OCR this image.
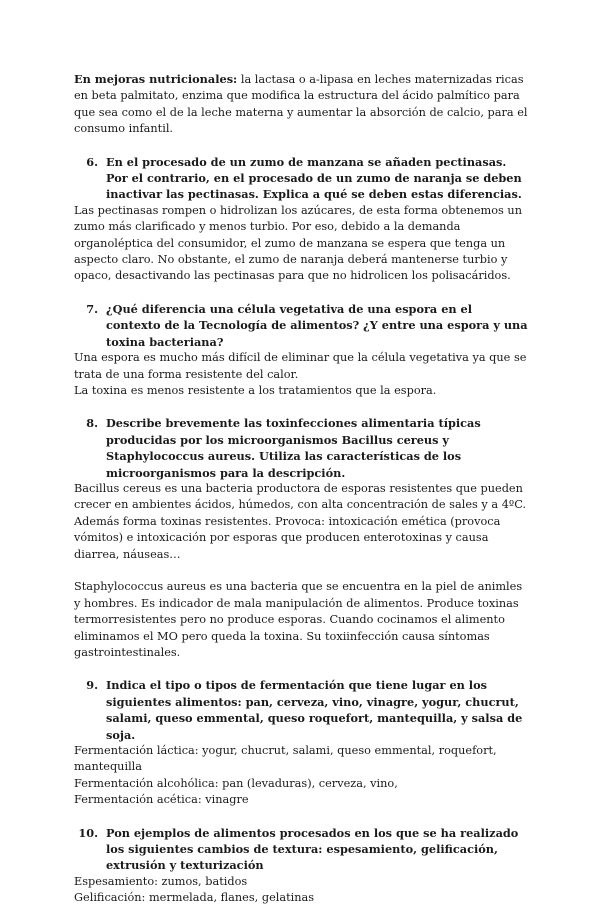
En mejoras nutricionales: la lactasa o a-lipasa en leches maternizadas ricas en beta palmitato, enzima que modifica la estructura del ácido palmítico para que sea como el de la leche materna y aumentar la absorción de calcio, para el consumo infantil.

6. En el procesado de un zumo de manzana se añaden pectinasas. Por el contrario, en el procesado de un zumo de naranja se deben inactivar las pectinasas. Explica a qué se deben estas diferencias.

Las pectinasas rompen o hidrolizan los azúcares, de esta forma obtenemos un zumo más clarificado y menos turbio. Por eso, debido a la demanda organoléptica del consumidor, el zumo de manzana se espera que tenga un aspecto claro. No obstante, el zumo de naranja deberá mantenerse turbio y opaco, desactivando las pectinasas para que no hidrolicen los polisacáridos.

7. ¿Qué diferencia una célula vegetativa de una espora en el contexto de la Tecnología de alimentos? ¿Y entre una espora y una toxina bacteriana?

Una espora es mucho más difícil de eliminar que la célula vegetativa ya que se trata de una forma resistente del calor.

La toxina es menos resistente a los tratamientos que la espora.

8. Describe brevemente las toxinfecciones alimentaria típicas producidas por los microorganismos Bacillus cereus y Staphylococcus aureus. Utiliza las características de los microorganismos para la descripción.

Bacillus cereus es una bacteria productora de esporas resistentes que pueden crecer en ambientes ácidos, húmedos, con alta concentración de sales y a 4ºC. Además forma toxinas resistentes. Provoca: intoxicación emética (provoca vómitos) e intoxicación por esporas que producen enterotoxinas y causa diarrea, náuseas…

Staphylococcus aureus es una bacteria que se encuentra en la piel de animles y hombres. Es indicador de mala manipulación de alimentos. Produce toxinas termorresistentes pero no produce esporas. Cuando cocinamos el alimento eliminamos el MO pero queda la toxina. Su toxiinfección causa síntomas gastrointestinales.

9. Indica el tipo o tipos de fermentación que tiene lugar en los siguientes alimentos: pan, cerveza, vino, vinagre, yogur, chucrut, salami, queso emmental, queso roquefort, mantequilla, y salsa de soja.

Fermentación láctica: yogur, chucrut, salami, queso emmental, roquefort, mantequilla

Fermentación alcohólica: pan (levaduras), cerveza, vino,

Fermentación acética: vinagre

10. Pon ejemplos de alimentos procesados en los que se ha realizado los siguientes cambios de textura: espesamiento, gelificación, extrusión y texturización

Espesamiento: zumos, batidos

Gelificación: mermelada, flanes, gelatinas
